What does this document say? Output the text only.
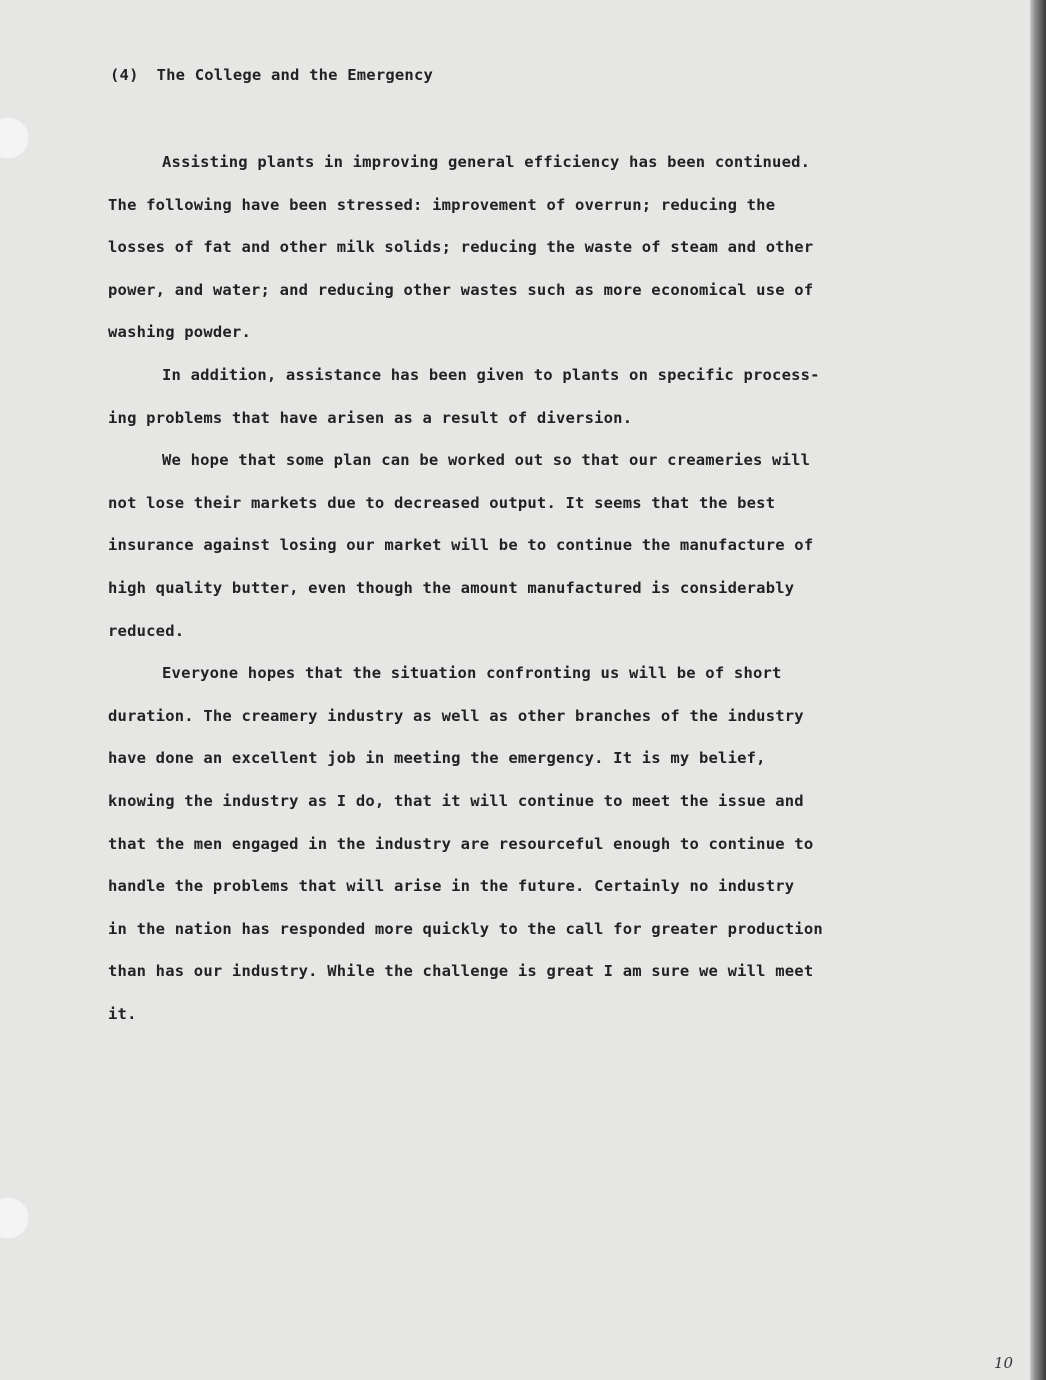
(4) The College and the Emergency
Assisting plants in improving general efficiency has been continued.
The following have been stressed: improvement of overrun; reducing the
losses of fat and other milk solids; reducing the waste of steam and other
power, and water; and reducing other wastes such as more economical use of
washing powder.
In addition, assistance has been given to plants on specific process-
ing problems that have arisen as a result of diversion.
We hope that some plan can be worked out so that our creameries will
not lose their markets due to decreased output. It seems that the best
insurance against losing our market will be to continue the manufacture of
high quality butter, even though the amount manufactured is considerably
reduced.
Everyone hopes that the situation confronting us will be of short
duration. The creamery industry as well as other branches of the industry
have done an excellent job in meeting the emergency. It is my belief,
knowing the industry as I do, that it will continue to meet the issue and
that the men engaged in the industry are resourceful enough to continue to
handle the problems that will arise in the future. Certainly no industry
in the nation has responded more quickly to the call for greater production
than has our industry. While the challenge is great I am sure we will meet
it.
10
